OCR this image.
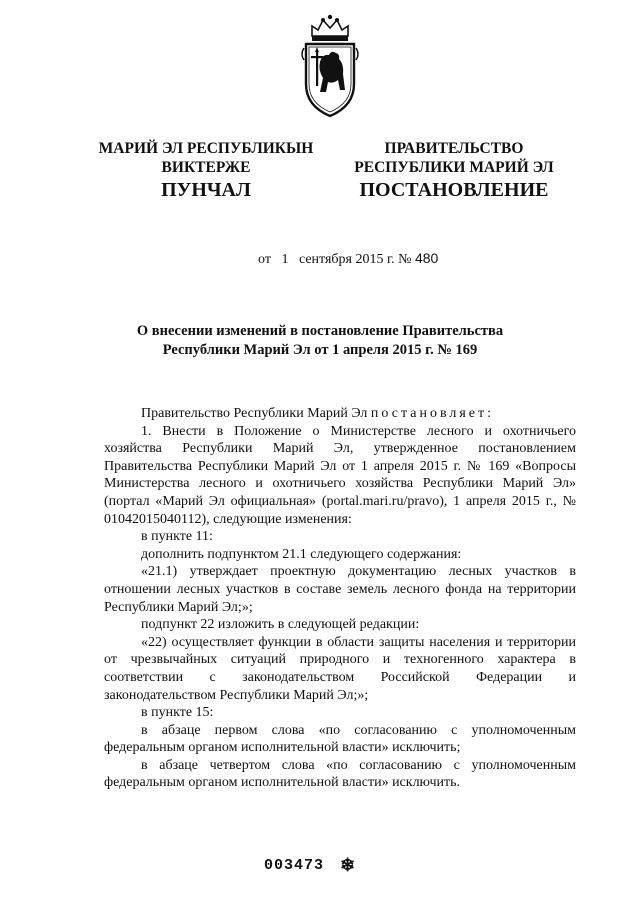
МАРИЙ ЭЛ РЕСПУБЛИКЫН
ВИКТЕРЖЕ
ПРАВИТЕЛЬСТВО
РЕСПУБЛИКИ МАРИЙ ЭЛ
ПУНЧАЛ	ПОСТАНОВЛЕНИЕ
от 1 сентября 2015 г. № 480
О внесении изменений в постановление Правительства
Республики Марий Эл от 1 апреля 2015 г. № 169

Правительство Республики Марий Эл постановляет:

1. Внести в Положение о Министерстве лесного и охотничьего хозяйства Республики Марий Эл, утвержденное постановлением Правительства Республики Марий Эл от 1 апреля 2015 г. № 169 «Вопросы Министерства лесного и охотничьего хозяйства Республики Марий Эл» (портал «Марий Эл официальная» (portal.mari.ru/pravo), 1 апреля 2015 г., № 01042015040112), следующие изменения:

в пункте 11:

дополнить подпунктом 21.1 следующего содержания:

«21.1) утверждает проектную документацию лесных участков в отношении лесных участков в составе земель лесного фонда на территории Республики Марий Эл;»;

подпункт 22 изложить в следующей редакции:

«22) осуществляет функции в области защиты населения и территории от чрезвычайных ситуаций природного и техногенного характера в соответствии с законодательством Российской Федерации и законодательством Республики Марий Эл;»;

в пункте 15:

в абзаце первом слова «по согласованию с уполномоченным федеральным органом исполнительной власти» исключить;

в абзаце четвертом слова «по согласованию с уполномоченным федеральным органом исполнительной власти» исключить.

003473 ❄
